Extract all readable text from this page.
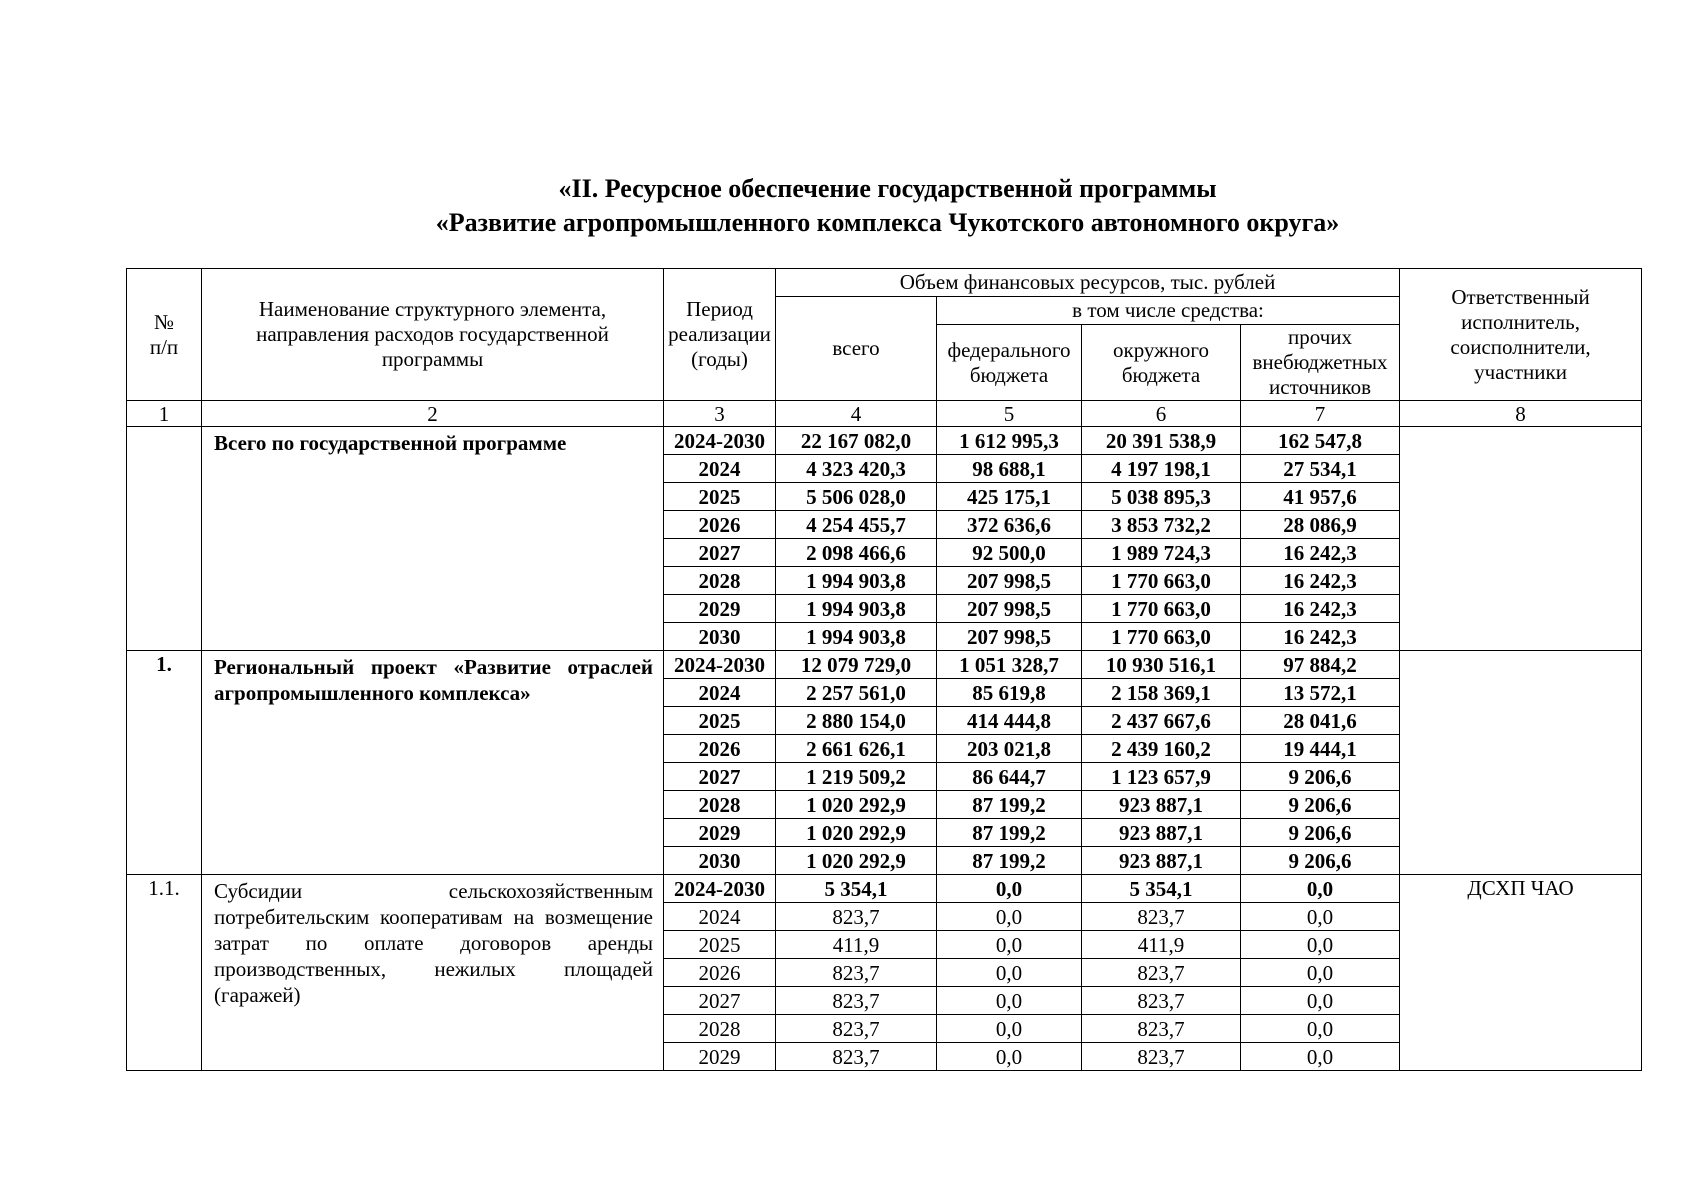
«II. Ресурсное обеспечение государственной программы
«Развитие агропромышленного комплекса Чукотского автономного округа»
№
п/п	Наименование структурного элемента, направления расходов государственной программы	Период реализации (годы)	Объем финансовых ресурсов, тыс. рублей				Ответственный исполнитель, соисполнители, участники
			всего	в том числе средства:			
				федерального бюджета	окружного бюджета	прочих внебюджетных источников	
1	2	3	4	5	6	7	8
	Всего по государственной программе	2024-2030	22 167 082,0	1 612 995,3	20 391 538,9	162 547,8	
		2024	4 323 420,3	98 688,1	4 197 198,1	27 534,1	
		2025	5 506 028,0	425 175,1	5 038 895,3	41 957,6	
		2026	4 254 455,7	372 636,6	3 853 732,2	28 086,9	
		2027	2 098 466,6	92 500,0	1 989 724,3	16 242,3	
		2028	1 994 903,8	207 998,5	1 770 663,0	16 242,3	
		2029	1 994 903,8	207 998,5	1 770 663,0	16 242,3	
		2030	1 994 903,8	207 998,5	1 770 663,0	16 242,3	
1.	Региональный проект «Развитие отраслей агропромышленного комплекса»	2024-2030	12 079 729,0	1 051 328,7	10 930 516,1	97 884,2	
		2024	2 257 561,0	85 619,8	2 158 369,1	13 572,1	
		2025	2 880 154,0	414 444,8	2 437 667,6	28 041,6	
		2026	2 661 626,1	203 021,8	2 439 160,2	19 444,1	
		2027	1 219 509,2	86 644,7	1 123 657,9	9 206,6	
		2028	1 020 292,9	87 199,2	923 887,1	9 206,6	
		2029	1 020 292,9	87 199,2	923 887,1	9 206,6	
		2030	1 020 292,9	87 199,2	923 887,1	9 206,6	
1.1.	Субсидии сельскохозяйственным потребительским кооперативам на возмещение затрат по оплате договоров аренды производственных, нежилых площадей (гаражей)	2024-2030	5 354,1	0,0	5 354,1	0,0	ДСХП ЧАО
		2024	823,7	0,0	823,7	0,0	
		2025	411,9	0,0	411,9	0,0	
		2026	823,7	0,0	823,7	0,0	
		2027	823,7	0,0	823,7	0,0	
		2028	823,7	0,0	823,7	0,0	
		2029	823,7	0,0	823,7	0,0	
